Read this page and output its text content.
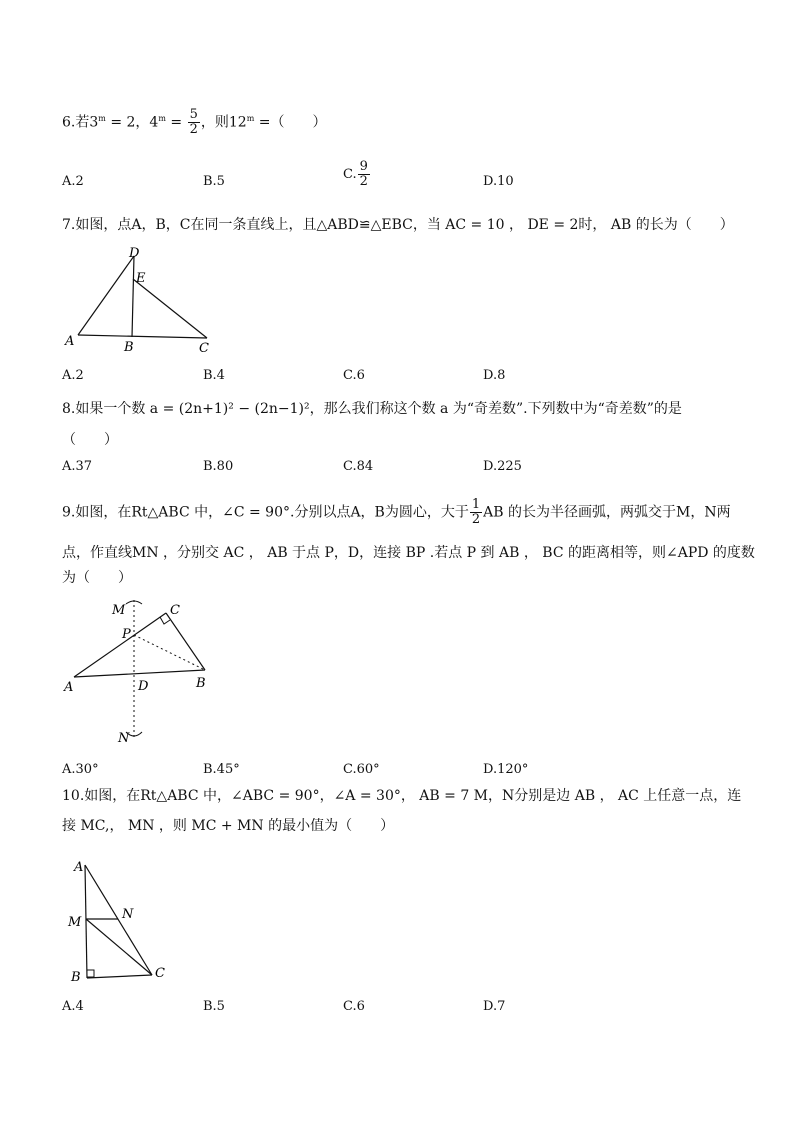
6.若$3^m = 2$，$4^m = \frac{5}{2}$ ，则$12^m$ =（　　）
A.2	B.5	C. $\frac{9}{2}$	D.10
7.如图，点A，B，C在同一条直线上，且△ABD≌△EBC，当 AC = 10 ， DE = 2时， AB 的长为（　　）
D
E
A	B	C
A.2	B.4	C.6	D.8
8.如果一个数 a = (2n+1)² − (2n−1)²，那么我们称这个数 a 为“奇差数”.下列数中为“奇差数”的是
（　　）
A.37	B.80	C.84	D.225
9.如图，在Rt△ABC 中，∠C = 90°.分别以点A，B为圆心，大于 $\frac{1}{2}$ AB 的长为半径画弧，两弧交于M，N两
点，作直线MN ，分别交 AC ， AB 于点 P，D，连接 BP .若点 P 到 AB ， BC 的距离相等，则∠APD 的度数
为（　　）
M	C
P
A	D	B
N
A.30°	B.45°	C.60°	D.120°
10.如图，在Rt△ABC 中，∠ABC = 90°，∠A = 30°， AB = 7 M，N分别是边 AB ， AC 上任意一点，连
接 MC,， MN ，则 MC + MN 的最小值为（　　）
A
M
N
B	C
A.4	B.5	C.6	D.7
